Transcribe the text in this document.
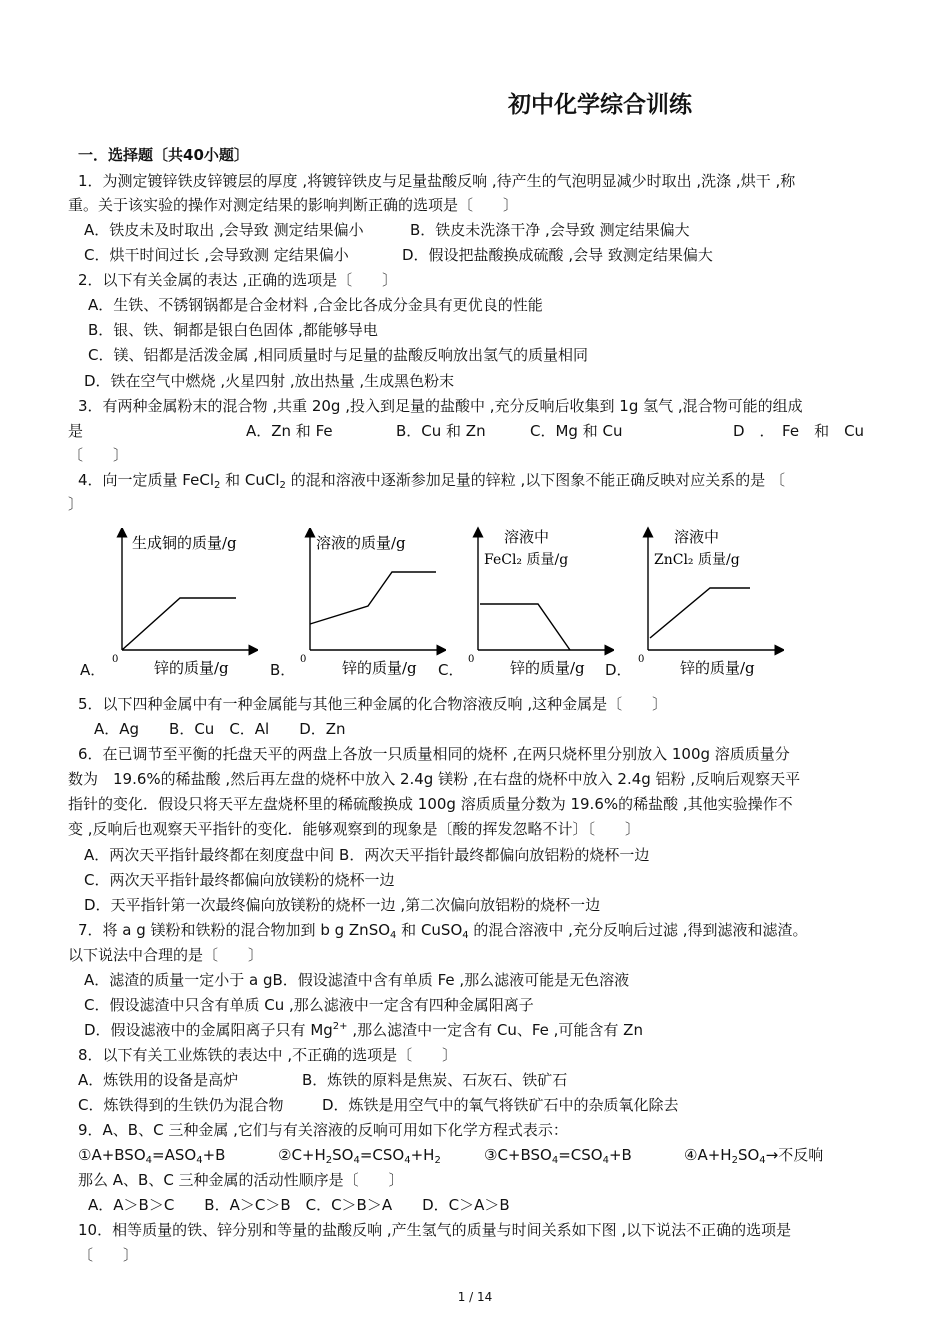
初中化学综合训练
一．选择题〔共40小题〕
1．为测定镀锌铁皮锌镀层的厚度 ,将镀锌铁皮与足量盐酸反响 ,待产生的气泡明显减少时取出 ,洗涤 ,烘干 ,称
重。关于该实验的操作对测定结果的影响判断正确的选项是〔　　〕
A．铁皮未及时取出 ,会导致 测定结果偏小	B．铁皮未洗涤干净 ,会导致 测定结果偏大
C．烘干时间过长 ,会导致测 定结果偏小	D．假设把盐酸换成硫酸 ,会导 致测定结果偏大
2．以下有关金属的表达 ,正确的选项是〔　　〕
A．生铁、不锈钢锅都是合金材料 ,合金比各成分金具有更优良的性能
B．银、铁、铜都是银白色固体 ,都能够导电
C．镁、铝都是活泼金属 ,相同质量时与足量的盐酸反响放出氢气的质量相同
D．铁在空气中燃烧 ,火星四射 ,放出热量 ,生成黑色粉末
3．有两种金属粉末的混合物 ,共重 20g ,投入到足量的盐酸中 ,充分反响后收集到 1g 氢气 ,混合物可能的组成
是	A．Zn 和 Fe	B．Cu 和 Zn	C．Mg 和 Cu	D　．　Fe　和　Cu
〔　　〕
4．向一定质量 FeCl$_2$ 和 CuCl$_2$ 的混和溶液中逐渐参加足量的锌粒 ,以下图象不能正确反映对应关系的是 〔
〕
A．	B．	C．	D．
生成铜的质量/g
0 锌的质量/g
溶液的质量/g
0 锌的质量/g
溶液中
FeCl₂ 质量/g
0 锌的质量/g
溶液中
ZnCl₂ 质量/g
0 锌的质量/g
5．以下四种金属中有一种金属能与其他三种金属的化合物溶液反响 ,这种金属是〔　　〕
A．Ag　　B．Cu　C．Al　　D．Zn
6．在已调节至平衡的托盘天平的两盘上各放一只质量相同的烧杯 ,在两只烧杯里分别放入 100g 溶质质量分
数为　19.6%的稀盐酸 ,然后再左盘的烧杯中放入 2.4g 镁粉 ,在右盘的烧杯中放入 2.4g 铝粉 ,反响后观察天平
指针的变化．假设只将天平左盘烧杯里的稀硫酸换成 100g 溶质质量分数为 19.6%的稀盐酸 ,其他实验操作不
变 ,反响后也观察天平指针的变化．能够观察到的现象是〔酸的挥发忽略不计〕〔　　〕
A．两次天平指针最终都在刻度盘中间 B．两次天平指针最终都偏向放铝粉的烧杯一边
C．两次天平指针最终都偏向放镁粉的烧杯一边
D．天平指针第一次最终偏向放镁粉的烧杯一边 ,第二次偏向放铝粉的烧杯一边
7．将 a g 镁粉和铁粉的混合物加到 b g ZnSO$_4$ 和 CuSO$_4$ 的混合溶液中 ,充分反响后过滤 ,得到滤液和滤渣。
以下说法中合理的是〔　　〕
A．滤渣的质量一定小于 a gB．假设滤渣中含有单质 Fe ,那么滤液可能是无色溶液
C．假设滤渣中只含有单质 Cu ,那么滤液中一定含有四种金属阳离子
D．假设滤液中的金属阳离子只有 $Mg^{2+}$ ,那么滤渣中一定含有 Cu、Fe ,可能含有 Zn
8．以下有关工业炼铁的表达中 ,不正确的选项是〔　　〕
A．炼铁用的设备是高炉	B．炼铁的原料是焦炭、石灰石、铁矿石
C．炼铁得到的生铁仍为混合物	D．炼铁是用空气中的氧气将铁矿石中的杂质氧化除去
9．A、B、C 三种金属 ,它们与有关溶液的反响可用如下化学方程式表示：
$①A+BSO_4=ASO_4+B$	$②C+H_2SO_4=CSO_4+H_2$	$③C+BSO_4=CSO_4+B$	$④A+H_2SO_4\to$不反响
那么 A、B、C 三种金属的活动性顺序是〔　　〕
A．A＞B＞C　　B．A＞C＞B　C．C＞B＞A　　D．C＞A＞B
10．相等质量的铁、锌分别和等量的盐酸反响 ,产生氢气的质量与时间关系如下图 ,以下说法不正确的选项是
〔　　〕
1 / 14
